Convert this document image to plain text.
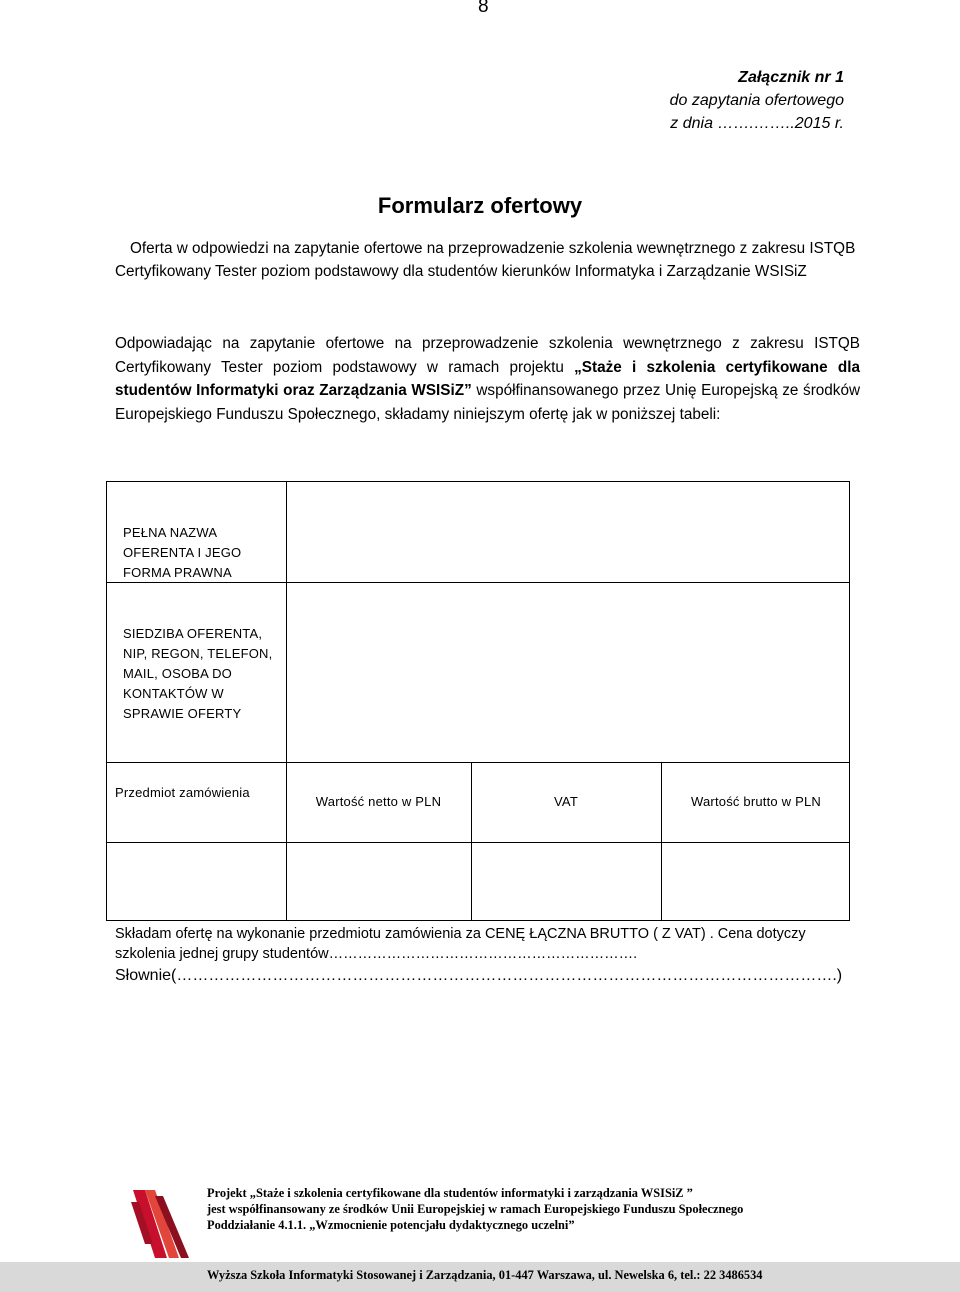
8
Załącznik nr 1
do zapytania ofertowego
z dnia …….……..2015 r.
Formularz ofertowy
Oferta w odpowiedzi na zapytanie ofertowe na przeprowadzenie szkolenia wewnętrznego z zakresu ISTQB Certyfikowany Tester poziom podstawowy dla studentów kierunków Informatyka i Zarządzanie WSISiZ
Odpowiadając na zapytanie ofertowe na przeprowadzenie szkolenia wewnętrznego z zakresu ISTQB Certyfikowany Tester poziom podstawowy w ramach projektu „Staże i szkolenia certyfikowane dla studentów Informatyki oraz Zarządzania WSISiZ” współfinansowanego przez Unię Europejską ze środków Europejskiego Funduszu Społecznego, składamy niniejszym ofertę jak w poniższej tabeli:
PEŁNA NAZWA OFERENTA I JEGO FORMA PRAWNA
SIEDZIBA OFERENTA, NIP, REGON, TELEFON, MAIL, OSOBA DO KONTAKTÓW W SPRAWIE OFERTY
Przedmiot zamówienia
Wartość netto w PLN	VAT	Wartość brutto w PLN
Składam ofertę na wykonanie przedmiotu zamówienia za CENĘ ŁĄCZNA BRUTTO ( Z VAT) . Cena dotyczy szkolenia jednej grupy studentów……………………………………………………….
Słownie(…………………………………………………………………………………………………………….)
Projekt „Staże i szkolenia certyfikowane dla studentów informatyki i zarządzania WSISiZ ”
jest współfinansowany ze środków Unii Europejskiej w ramach Europejskiego Funduszu Społecznego
Poddziałanie 4.1.1. „Wzmocnienie potencjału dydaktycznego uczelni”
Wyższa Szkoła Informatyki Stosowanej i Zarządzania, 01-447 Warszawa, ul. Newelska 6, tel.: 22 3486534
